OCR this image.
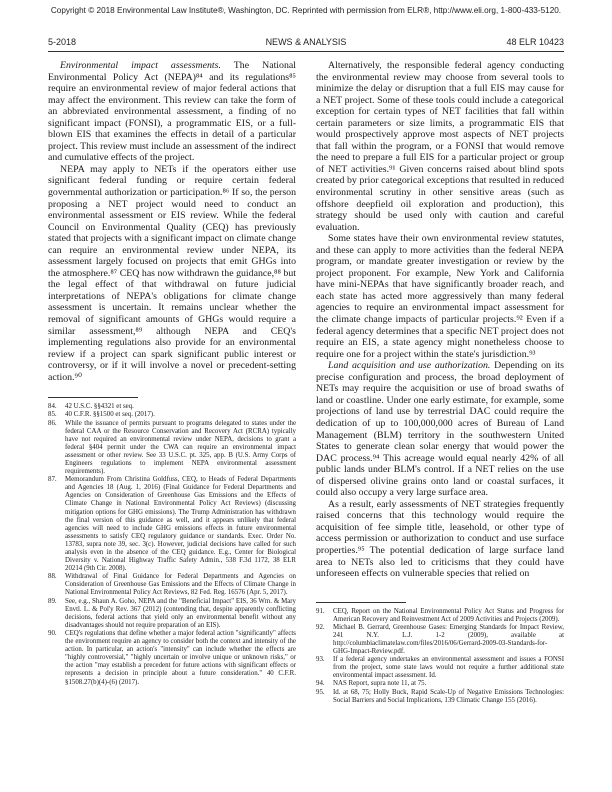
Copyright © 2018 Environmental Law Institute®, Washington, DC. Reprinted with permission from ELR®, http://www.eli.org, 1-800-433-5120.
5-2018	NEWS & ANALYSIS	48 ELR 10423

Environmental impact assessments. The National Environmental Policy Act (NEPA)⁸⁴ and its regulations⁸⁵ require an environmental review of major federal actions that may affect the environment. This review can take the form of an abbreviated environmental assessment, a finding of no significant impact (FONSI), a programmatic EIS, or a full-blown EIS that examines the effects in detail of a particular project. This review must include an assessment of the indirect and cumulative effects of the project.

NEPA may apply to NETs if the operators either use significant federal funding or require certain federal governmental authorization or participation.⁸⁶ If so, the person proposing a NET project would need to conduct an environmental assessment or EIS review. While the federal Council on Environmental Quality (CEQ) has previously stated that projects with a significant impact on climate change can require an environmental review under NEPA, its assessment largely focused on projects that emit GHGs into the atmosphere.⁸⁷ CEQ has now withdrawn the guidance,⁸⁸ but the legal effect of that withdrawal on future judicial interpretations of NEPA's obligations for climate change assessment is uncertain. It remains unclear whether the removal of significant amounts of GHGs would require a similar assessment,⁸⁹ although NEPA and CEQ's implementing regulations also provide for an environmental review if a project can spark significant public interest or controversy, or if it will involve a novel or precedent-setting action.⁹⁰

84.	42 U.S.C. §§4321 et seq.
85.	40 C.F.R. §§1500 et seq. (2017).
86.	While the issuance of permits pursuant to programs delegated to states under the federal CAA or the Resource Conservation and Recovery Act (RCRA) typically have not required an environmental review under NEPA, decisions to grant a federal §404 permit under the CWA can require an environmental impact assessment or other review. See 33 U.S.C. pt. 325, app. B (U.S. Army Corps of Engineers regulations to implement NEPA environmental assessment requirements).
87.	Memorandum From Christina Goldfuss, CEQ, to Heads of Federal Departments and Agencies 18 (Aug. 1, 2016) (Final Guidance for Federal Departments and Agencies on Consideration of Greenhouse Gas Emissions and the Effects of Climate Change in National Environmental Policy Act Reviews) (discussing mitigation options for GHG emissions). The Trump Administration has withdrawn the final version of this guidance as well, and it appears unlikely that federal agencies will need to include GHG emissions effects in future environmental assessments to satisfy CEQ regulatory guidance or standards. Exec. Order No. 13783, supra note 39, sec. 3(c). However, judicial decisions have called for such analysis even in the absence of the CEQ guidance. E.g., Center for Biological Diversity v. National Highway Traffic Safety Admin., 538 F.3d 1172, 38 ELR 20214 (9th Cir. 2008).
88.	Withdrawal of Final Guidance for Federal Departments and Agencies on Consideration of Greenhouse Gas Emissions and the Effects of Climate Change in National Environmental Policy Act Reviews, 82 Fed. Reg. 16576 (Apr. 5, 2017).
89.	See, e.g., Shaun A. Goho, NEPA and the "Beneficial Impact" EIS, 36 Wm. & Mary Envtl. L. & Pol'y Rev. 367 (2012) (contending that, despite apparently conflicting decisions, federal actions that yield only an environmental benefit without any disadvantages should not require preparation of an EIS).
90.	CEQ's regulations that define whether a major federal action "significantly" affects the environment require an agency to consider both the context and intensity of the action. In particular, an action's "intensity" can include whether the effects are "highly controversial," "highly uncertain or involve unique or unknown risks," or the action "may establish a precedent for future actions with significant effects or represents a decision in principle about a future consideration." 40 C.F.R. §1508.27(b)(4)-(6) (2017).

Alternatively, the responsible federal agency conducting the environmental review may choose from several tools to minimize the delay or disruption that a full EIS may cause for a NET project. Some of these tools could include a categorical exception for certain types of NET facilities that fall within certain parameters or size limits, a programmatic EIS that would prospectively approve most aspects of NET projects that fall within the program, or a FONSI that would remove the need to prepare a full EIS for a particular project or group of NET activities.⁹¹ Given concerns raised about blind spots created by prior categorical exceptions that resulted in reduced environmental scrutiny in other sensitive areas (such as offshore deepfield oil exploration and production), this strategy should be used only with caution and careful evaluation.

Some states have their own environmental review statutes, and these can apply to more activities than the federal NEPA program, or mandate greater investigation or review by the project proponent. For example, New York and California have mini-NEPAs that have significantly broader reach, and each state has acted more aggressively than many federal agencies to require an environmental impact assessment for the climate change impacts of particular projects.⁹² Even if a federal agency determines that a specific NET project does not require an EIS, a state agency might nonetheless choose to require one for a project within the state's jurisdiction.⁹³

Land acquisition and use authorization. Depending on its precise configuration and process, the broad deployment of NETs may require the acquisition or use of broad swaths of land or coastline. Under one early estimate, for example, some projections of land use by terrestrial DAC could require the dedication of up to 100,000,000 acres of Bureau of Land Management (BLM) territory in the southwestern United States to generate clean solar energy that would power the DAC process.⁹⁴ This acreage would equal nearly 42% of all public lands under BLM's control. If a NET relies on the use of dispersed olivine grains onto land or coastal surfaces, it could also occupy a very large surface area.

As a result, early assessments of NET strategies frequently raised concerns that this technology would require the acquisition of fee simple title, leasehold, or other type of access permission or authorization to conduct and use surface properties.⁹⁵ The potential dedication of large surface land area to NETs also led to criticisms that they could have unforeseen effects on vulnerable species that relied on

91.	CEQ, Report on the National Environmental Policy Act Status and Progress for American Recovery and Reinvestment Act of 2009 Activities and Projects (2009).
92.	Michael B. Gerrard, Greenhouse Gases: Emerging Standards for Impact Review, 241 N.Y. L.J. 1-2 (2009), available at http://columbiaclimatelaw.com/files/2016/06/Gerrard-2009-03-Standards-for-GHG-Impact-Review.pdf.
93.	If a federal agency undertakes an environmental assessment and issues a FONSI from the project, some state laws would not require a further additional state environmental impact assessment. Id.
94.	NAS Report, supra note 11, at 75.
95.	Id. at 68, 75; Holly Buck, Rapid Scale-Up of Negative Emissions Technologies: Social Barriers and Social Implications, 139 Climatic Change 155 (2016).
